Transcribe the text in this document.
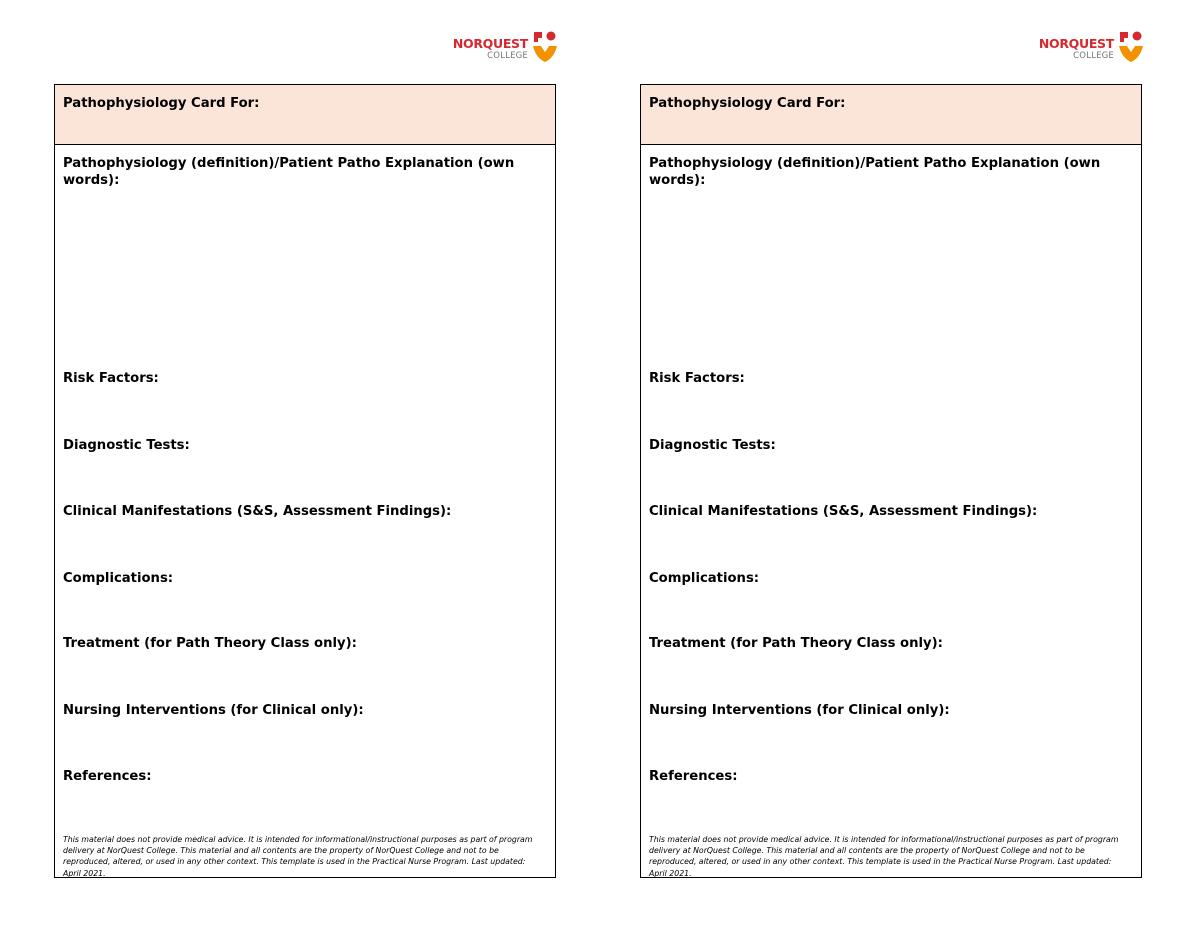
NORQUEST
COLLEGE
Pathophysiology Card For:
Pathophysiology (definition)/Patient Patho Explanation (own words):
Risk Factors:
Diagnostic Tests:
Clinical Manifestations (S&S, Assessment Findings):
Complications:
Treatment (for Path Theory Class only):
Nursing Interventions (for Clinical only):
References:
This material does not provide medical advice. It is intended for informational/instructional purposes as part of program delivery at NorQuest College. This material and all contents are the property of NorQuest College and not to be reproduced, altered, or used in any other context. This template is used in the Practical Nurse Program. Last updated: April 2021.
NORQUEST
COLLEGE
Pathophysiology Card For:
Pathophysiology (definition)/Patient Patho Explanation (own words):
Risk Factors:
Diagnostic Tests:
Clinical Manifestations (S&S, Assessment Findings):
Complications:
Treatment (for Path Theory Class only):
Nursing Interventions (for Clinical only):
References:
This material does not provide medical advice. It is intended for informational/instructional purposes as part of program delivery at NorQuest College. This material and all contents are the property of NorQuest College and not to be reproduced, altered, or used in any other context. This template is used in the Practical Nurse Program. Last updated: April 2021.
